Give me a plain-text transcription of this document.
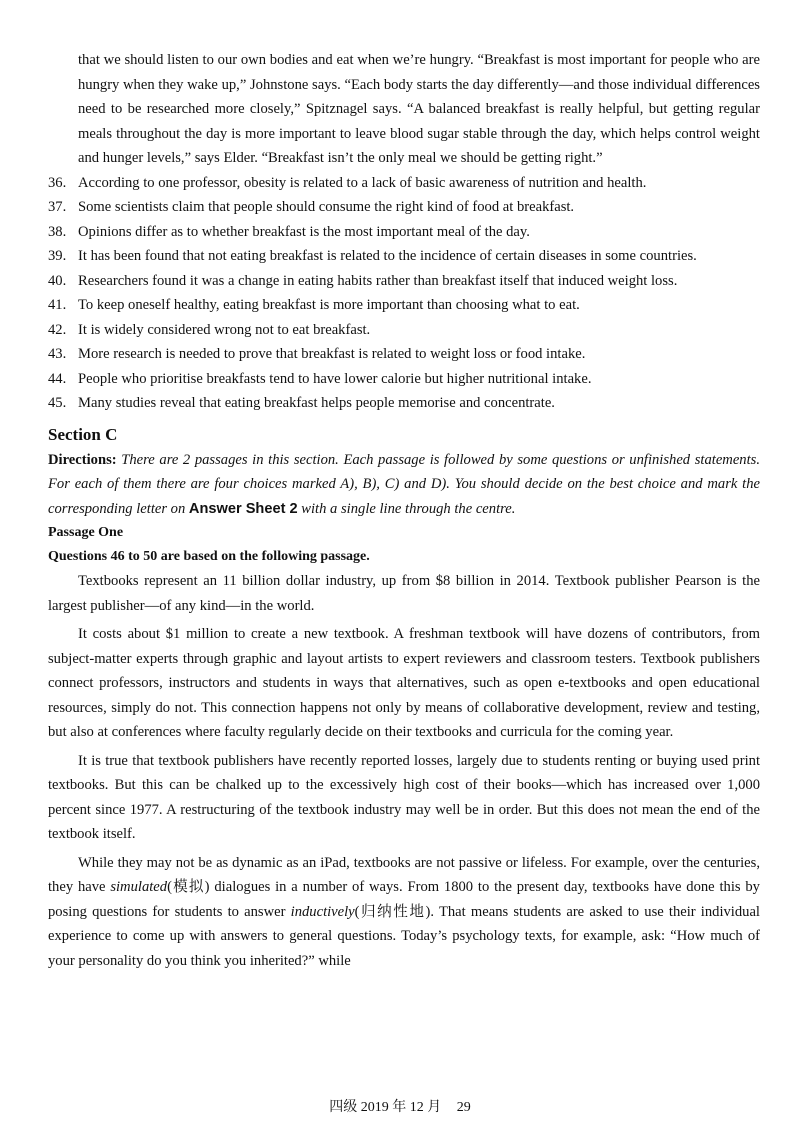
that we should listen to our own bodies and eat when we’re hungry. “Breakfast is most important for people who are hungry when they wake up,” Johnstone says. “Each body starts the day differently—and those individual differences need to be researched more closely,” Spitznagel says. “A balanced breakfast is really helpful, but getting regular meals throughout the day is more important to leave blood sugar stable through the day, which helps control weight and hunger levels,” says Elder. “Breakfast isn’t the only meal we should be getting right.”

36. According to one professor, obesity is related to a lack of basic awareness of nutrition and health.
37. Some scientists claim that people should consume the right kind of food at breakfast.
38. Opinions differ as to whether breakfast is the most important meal of the day.
39. It has been found that not eating breakfast is related to the incidence of certain diseases in some countries.
40. Researchers found it was a change in eating habits rather than breakfast itself that induced weight loss.
41. To keep oneself healthy, eating breakfast is more important than choosing what to eat.
42. It is widely considered wrong not to eat breakfast.
43. More research is needed to prove that breakfast is related to weight loss or food intake.
44. People who prioritise breakfasts tend to have lower calorie but higher nutritional intake.
45. Many studies reveal that eating breakfast helps people memorise and concentrate.
Section C

Directions: There are 2 passages in this section. Each passage is followed by some questions or unfinished statements. For each of them there are four choices marked A), B), C) and D). You should decide on the best choice and mark the corresponding letter on Answer Sheet 2 with a single line through the centre.

Passage One
Questions 46 to 50 are based on the following passage.

Textbooks represent an 11 billion dollar industry, up from $8 billion in 2014. Textbook publisher Pearson is the largest publisher—of any kind—in the world.

It costs about $1 million to create a new textbook. A freshman textbook will have dozens of contributors, from subject-matter experts through graphic and layout artists to expert reviewers and classroom testers. Textbook publishers connect professors, instructors and students in ways that alternatives, such as open e-textbooks and open educational resources, simply do not. This connection happens not only by means of collaborative development, review and testing, but also at conferences where faculty regularly decide on their textbooks and curricula for the coming year.

It is true that textbook publishers have recently reported losses, largely due to students renting or buying used print textbooks. But this can be chalked up to the excessively high cost of their books—which has increased over 1,000 percent since 1977. A restructuring of the textbook industry may well be in order. But this does not mean the end of the textbook itself.

While they may not be as dynamic as an iPad, textbooks are not passive or lifeless. For example, over the centuries, they have simulated(模拟) dialogues in a number of ways. From 1800 to the present day, textbooks have done this by posing questions for students to answer inductively(归纳性地). That means students are asked to use their individual experience to come up with answers to general questions. Today’s psychology texts, for example, ask: “How much of your personality do you think you inherited?” while

四级 2019 年 12 月 29
